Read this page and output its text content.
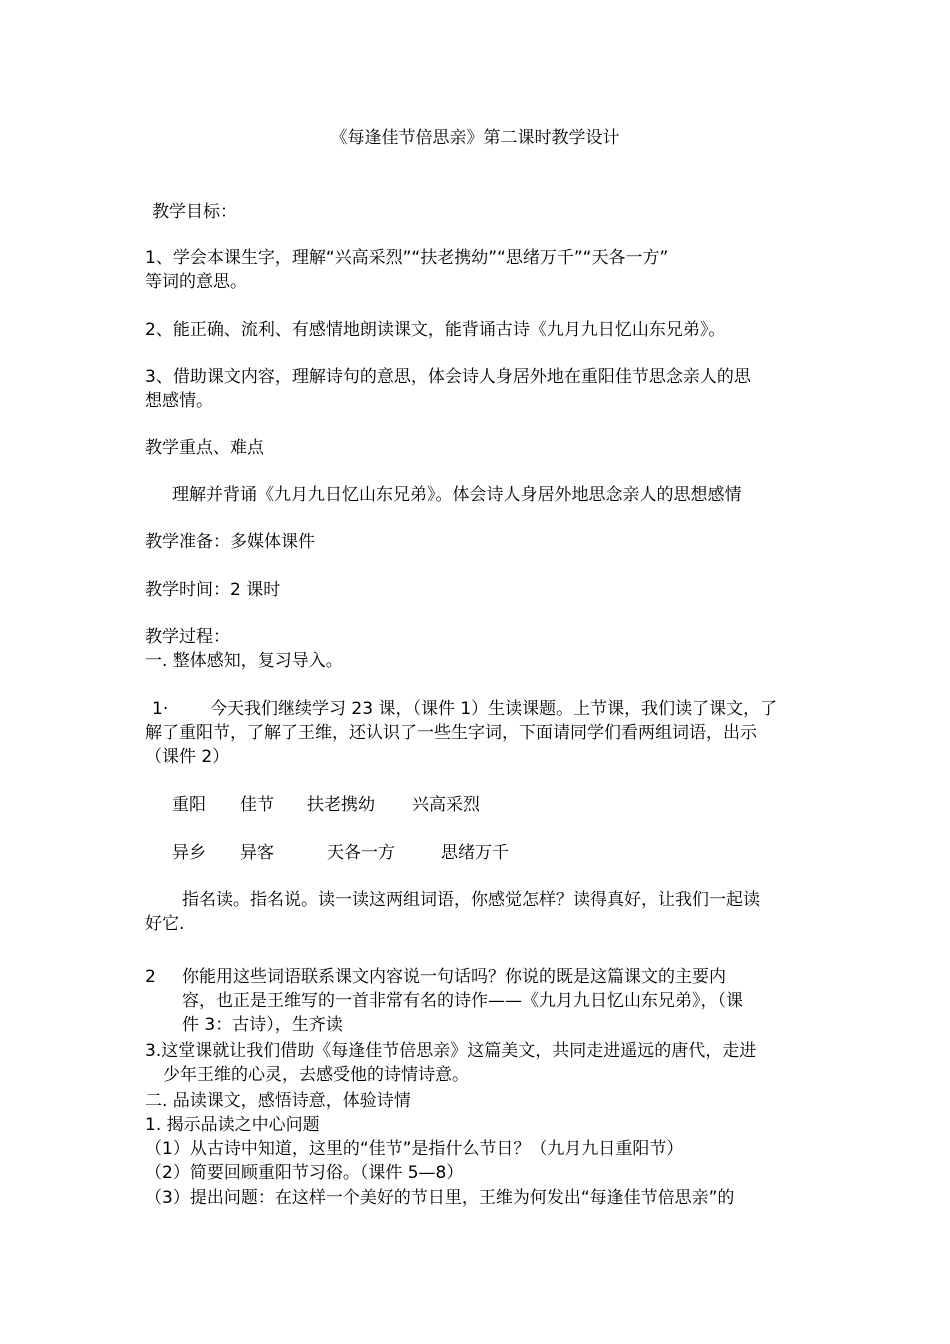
《每逢佳节倍思亲》第二课时教学设计
教学目标：
1、学会本课生字，理解“兴高采烈”“扶老携幼”“思绪万千”“天各一方”
等词的意思。
2、能正确、流利、有感情地朗读课文，能背诵古诗《九月九日忆山东兄弟》。
3、借助课文内容，理解诗句的意思，体会诗人身居外地在重阳佳节思念亲人的思
想感情。
教学重点、难点
理解并背诵《九月九日忆山东兄弟》。体会诗人身居外地思念亲人的思想感情
教学准备：多媒体课件
教学时间：2 课时
教学过程：
一. 整体感知，复习导入。
1· 今天我们继续学习 23 课，（课件 1）生读课题。上节课，我们读了课文，了
解了重阳节，了解了王维，还认识了一些生字词，下面请同学们看两组词语，出示
（课件 2）
重阳 佳节 扶老携幼 兴高采烈
异乡 异客	天各一方	思绪万千
指名读。指名说。读一读这两组词语，你感觉怎样？读得真好，让我们一起读
好它.
2 你能用这些词语联系课文内容说一句话吗？你说的既是这篇课文的主要内
容，也正是王维写的一首非常有名的诗作——《九月九日忆山东兄弟》，（课
件 3：古诗），生齐读
3.这堂课就让我们借助《每逢佳节倍思亲》这篇美文，共同走进遥远的唐代，走进
少年王维的心灵，去感受他的诗情诗意。
二. 品读课文，感悟诗意，体验诗情
1. 揭示品读之中心问题
（1）从古诗中知道，这里的“佳节”是指什么节日？（九月九日重阳节）
（2）简要回顾重阳节习俗。（课件 5—8）
（3）提出问题：在这样一个美好的节日里，王维为何发出“每逢佳节倍思亲”的
